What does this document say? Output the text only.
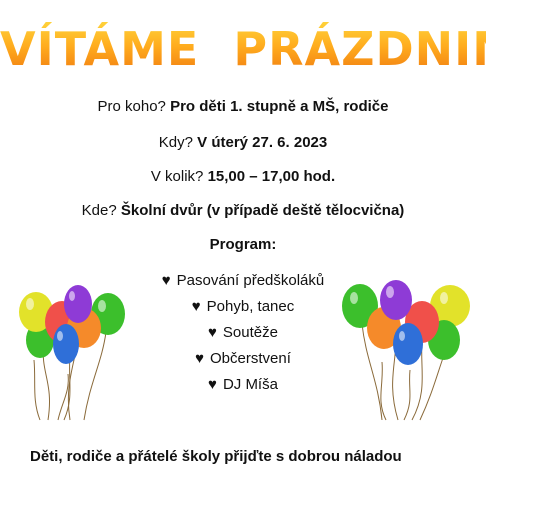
VÍTÁME  PRÁZDNINY
Pro koho? Pro děti 1. stupně a MŠ, rodiče
Kdy? V úterý 27. 6. 2023
V kolik? 15,00 – 17,00 hod.
Kde? Školní dvůr (v případě deště tělocvična)
Program:
♥ Pasování předškoláků
♥ Pohyb, tanec
♥ Soutěže
♥ Občerstvení
♥ DJ Míša
Děti, rodiče a přátelé školy přijďte s dobrou náladou
